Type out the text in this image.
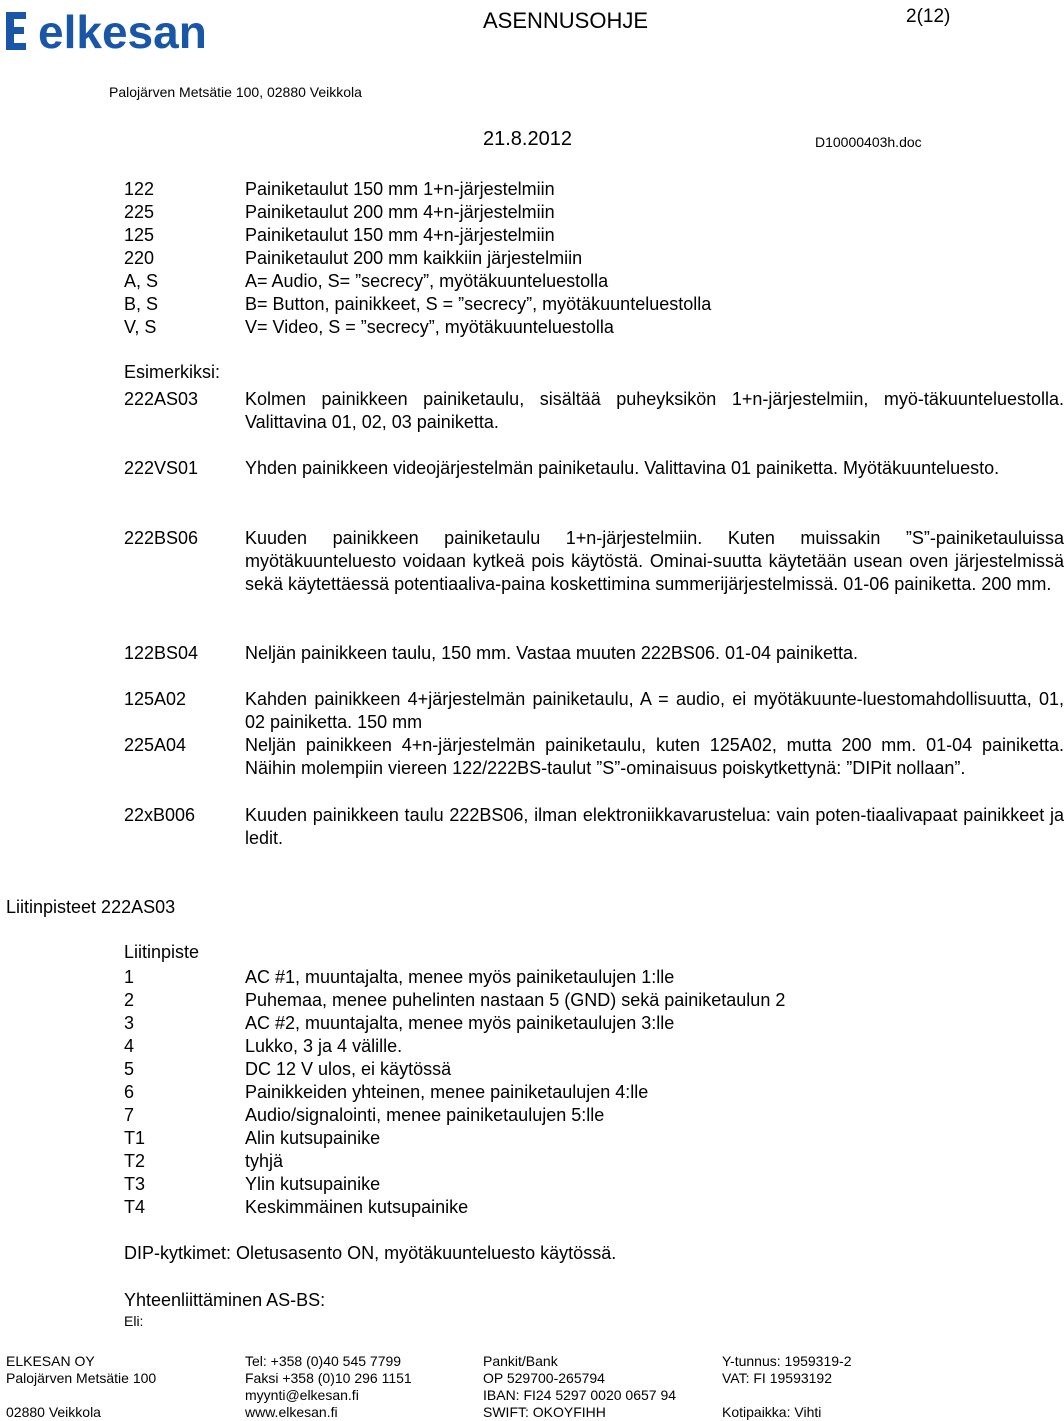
elkesan	ASENNUSOHJE	2(12)
Palojärven Metsätie 100, 02880 Veikkola
21.8.2012	D10000403h.doc
122	Painiketaulut 150 mm 1+n-järjestelmiin
225	Painiketaulut 200 mm 4+n-järjestelmiin
125	Painiketaulut 150 mm 4+n-järjestelmiin
220	Painiketaulut 200 mm kaikkiin järjestelmiin
A, S	A= Audio, S= ”secrecy”, myötäkuunteluestolla
B, S	B= Button, painikkeet, S = ”secrecy”, myötäkuunteluestolla
V, S	V= Video, S = ”secrecy”, myötäkuunteluestolla
Esimerkiksi:
222AS03	Kolmen painikkeen painiketaulu, sisältää puheyksikön 1+n-järjestelmiin, myö-täkuunteluestolla. Valittavina 01, 02, 03 painiketta.
222VS01	Yhden painikkeen videojärjestelmän painiketaulu. Valittavina 01 painiketta. Myötäkuunteluesto.
222BS06	Kuuden painikkeen painiketaulu 1+n-järjestelmiin. Kuten muissakin ”S”-painiketauluissa myötäkuunteluesto voidaan kytkeä pois käytöstä. Ominai-suutta käytetään usean oven järjestelmissä sekä käytettäessä potentiaaliva-paina koskettimina summerijärjestelmissä. 01-06 painiketta. 200 mm.
122BS04	Neljän painikkeen taulu, 150 mm. Vastaa muuten 222BS06. 01-04 painiketta.
125A02	Kahden painikkeen 4+järjestelmän painiketaulu, A = audio, ei myötäkuunte-luestomahdollisuutta, 01, 02 painiketta. 150 mm
225A04	Neljän painikkeen 4+n-järjestelmän painiketaulu, kuten 125A02, mutta 200 mm. 01-04 painiketta. Näihin molempiin viereen 122/222BS-taulut ”S”-ominaisuus poiskytkettynä: ”DIPit nollaan”.
22xB006	Kuuden painikkeen taulu 222BS06, ilman elektroniikkavarustelua: vain poten-tiaalivapaat painikkeet ja ledit.
Liitinpisteet 222AS03
Liitinpiste
1	AC #1, muuntajalta, menee myös painiketaulujen 1:lle
2	Puhemaa, menee puhelinten nastaan 5 (GND) sekä painiketaulun 2
3	AC #2, muuntajalta, menee myös painiketaulujen 3:lle
4	Lukko, 3 ja 4 välille.
5	DC 12 V ulos, ei käytössä
6	Painikkeiden yhteinen, menee painiketaulujen 4:lle
7	Audio/signalointi, menee painiketaulujen 5:lle
T1	Alin kutsupainike
T2	tyhjä
T3	Ylin kutsupainike
T4	Keskimmäinen kutsupainike
DIP-kytkimet: Oletusasento ON, myötäkuunteluesto käytössä.
Yhteenliittäminen AS-BS:
Eli:
ELKESAN OY
Palojärven Metsätie 100

02880 Veikkola
Tel: +358 (0)40 545 7799
Faksi +358 (0)10 296 1151
myynti@elkesan.fi
www.elkesan.fi
Pankit/Bank
OP 529700-265794
IBAN: FI24 5297 0020 0657 94
SWIFT: OKOYFIHH
Y-tunnus: 1959319-2
VAT: FI 19593192

Kotipaikka: Vihti
